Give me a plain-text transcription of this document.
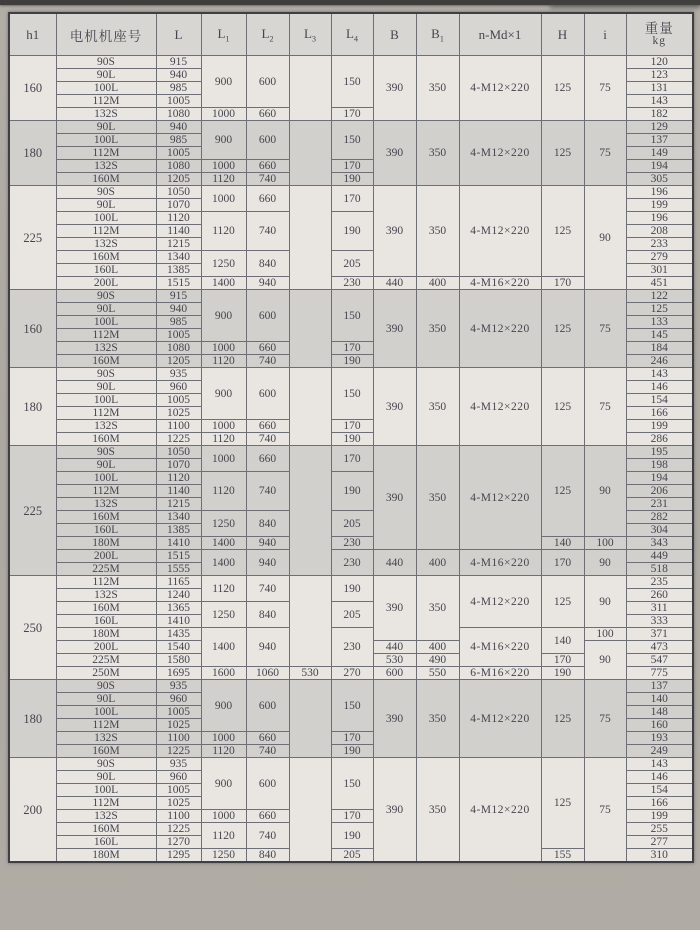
h1	电机机座号	L	$L_1$	$L_2$	$L_3$	$L_4$	B	$B_1$	n-Md×1	H	i	重量
kg

160	90S	915	900	600		150	390	350	4-M12×220	125	75	120
	90L	940										123
	100L	985										131
	112M	1005										143
	132S	1080	1000	660		170						182
180	90L	940	900	600		150	390	350	4-M12×220	125	75	129
	100L	985										137
	112M	1005										149
	132S	1080	1000	660		170						194
	160M	1205	1120	740		190						305
225	90S	1050	1000	660		170	390	350	4-M12×220	125	90	196
	90L	1070										199
	100L	1120	1120	740		190						196
	112M	1140										208
	132S	1215										233
	160M	1340	1250	840		205						279
	160L	1385										301
	200L	1515	1400	940		230	440	400	4-M16×220	170		451
160	90S	915	900	600		150	390	350	4-M12×220	125	75	122
	90L	940										125
	100L	985										133
	112M	1005										145
	132S	1080	1000	660		170						184
	160M	1205	1120	740		190						246
180	90S	935	900	600		150	390	350	4-M12×220	125	75	143
	90L	960										146
	100L	1005										154
	112M	1025										166
	132S	1100	1000	660		170						199
	160M	1225	1120	740		190						286
225	90S	1050	1000	660		170	390	350	4-M12×220	125	90	195
	90L	1070										198
	100L	1120	1120	740		190						194
	112M	1140										206
	132S	1215										231
	160M	1340	1250	840		205						282
	160L	1385										304
	180M	1410	1400	940		230				140	100	343
	200L	1515	1400	940		230	440	400	4-M16×220	170	90	449
	225M	1555										518
250	112M	1165	1120	740		190	390	350	4-M12×220	125	90	235
	132S	1240										260
	160M	1365	1250	840		205						311
	160L	1410										333
	180M	1435	1400	940		230			4-M16×220	140	100	371
	200L	1540					440	400			90	473
	225M	1580					530	490		170		547
	250M	1695	1600	1060	530	270	600	550	6-M16×220	190		775
180	90S	935	900	600		150	390	350	4-M12×220	125	75	137
	90L	960										140
	100L	1005										148
	112M	1025										160
	132S	1100	1000	660		170						193
	160M	1225	1120	740		190						249
200	90S	935	900	600		150	390	350	4-M12×220	125	75	143
	90L	960										146
	100L	1005										154
	112M	1025										166
	132S	1100	1000	660		170						199
	160M	1225	1120	740		190						255
	160L	1270										277
	180M	1295	1250	840		205				155		310
